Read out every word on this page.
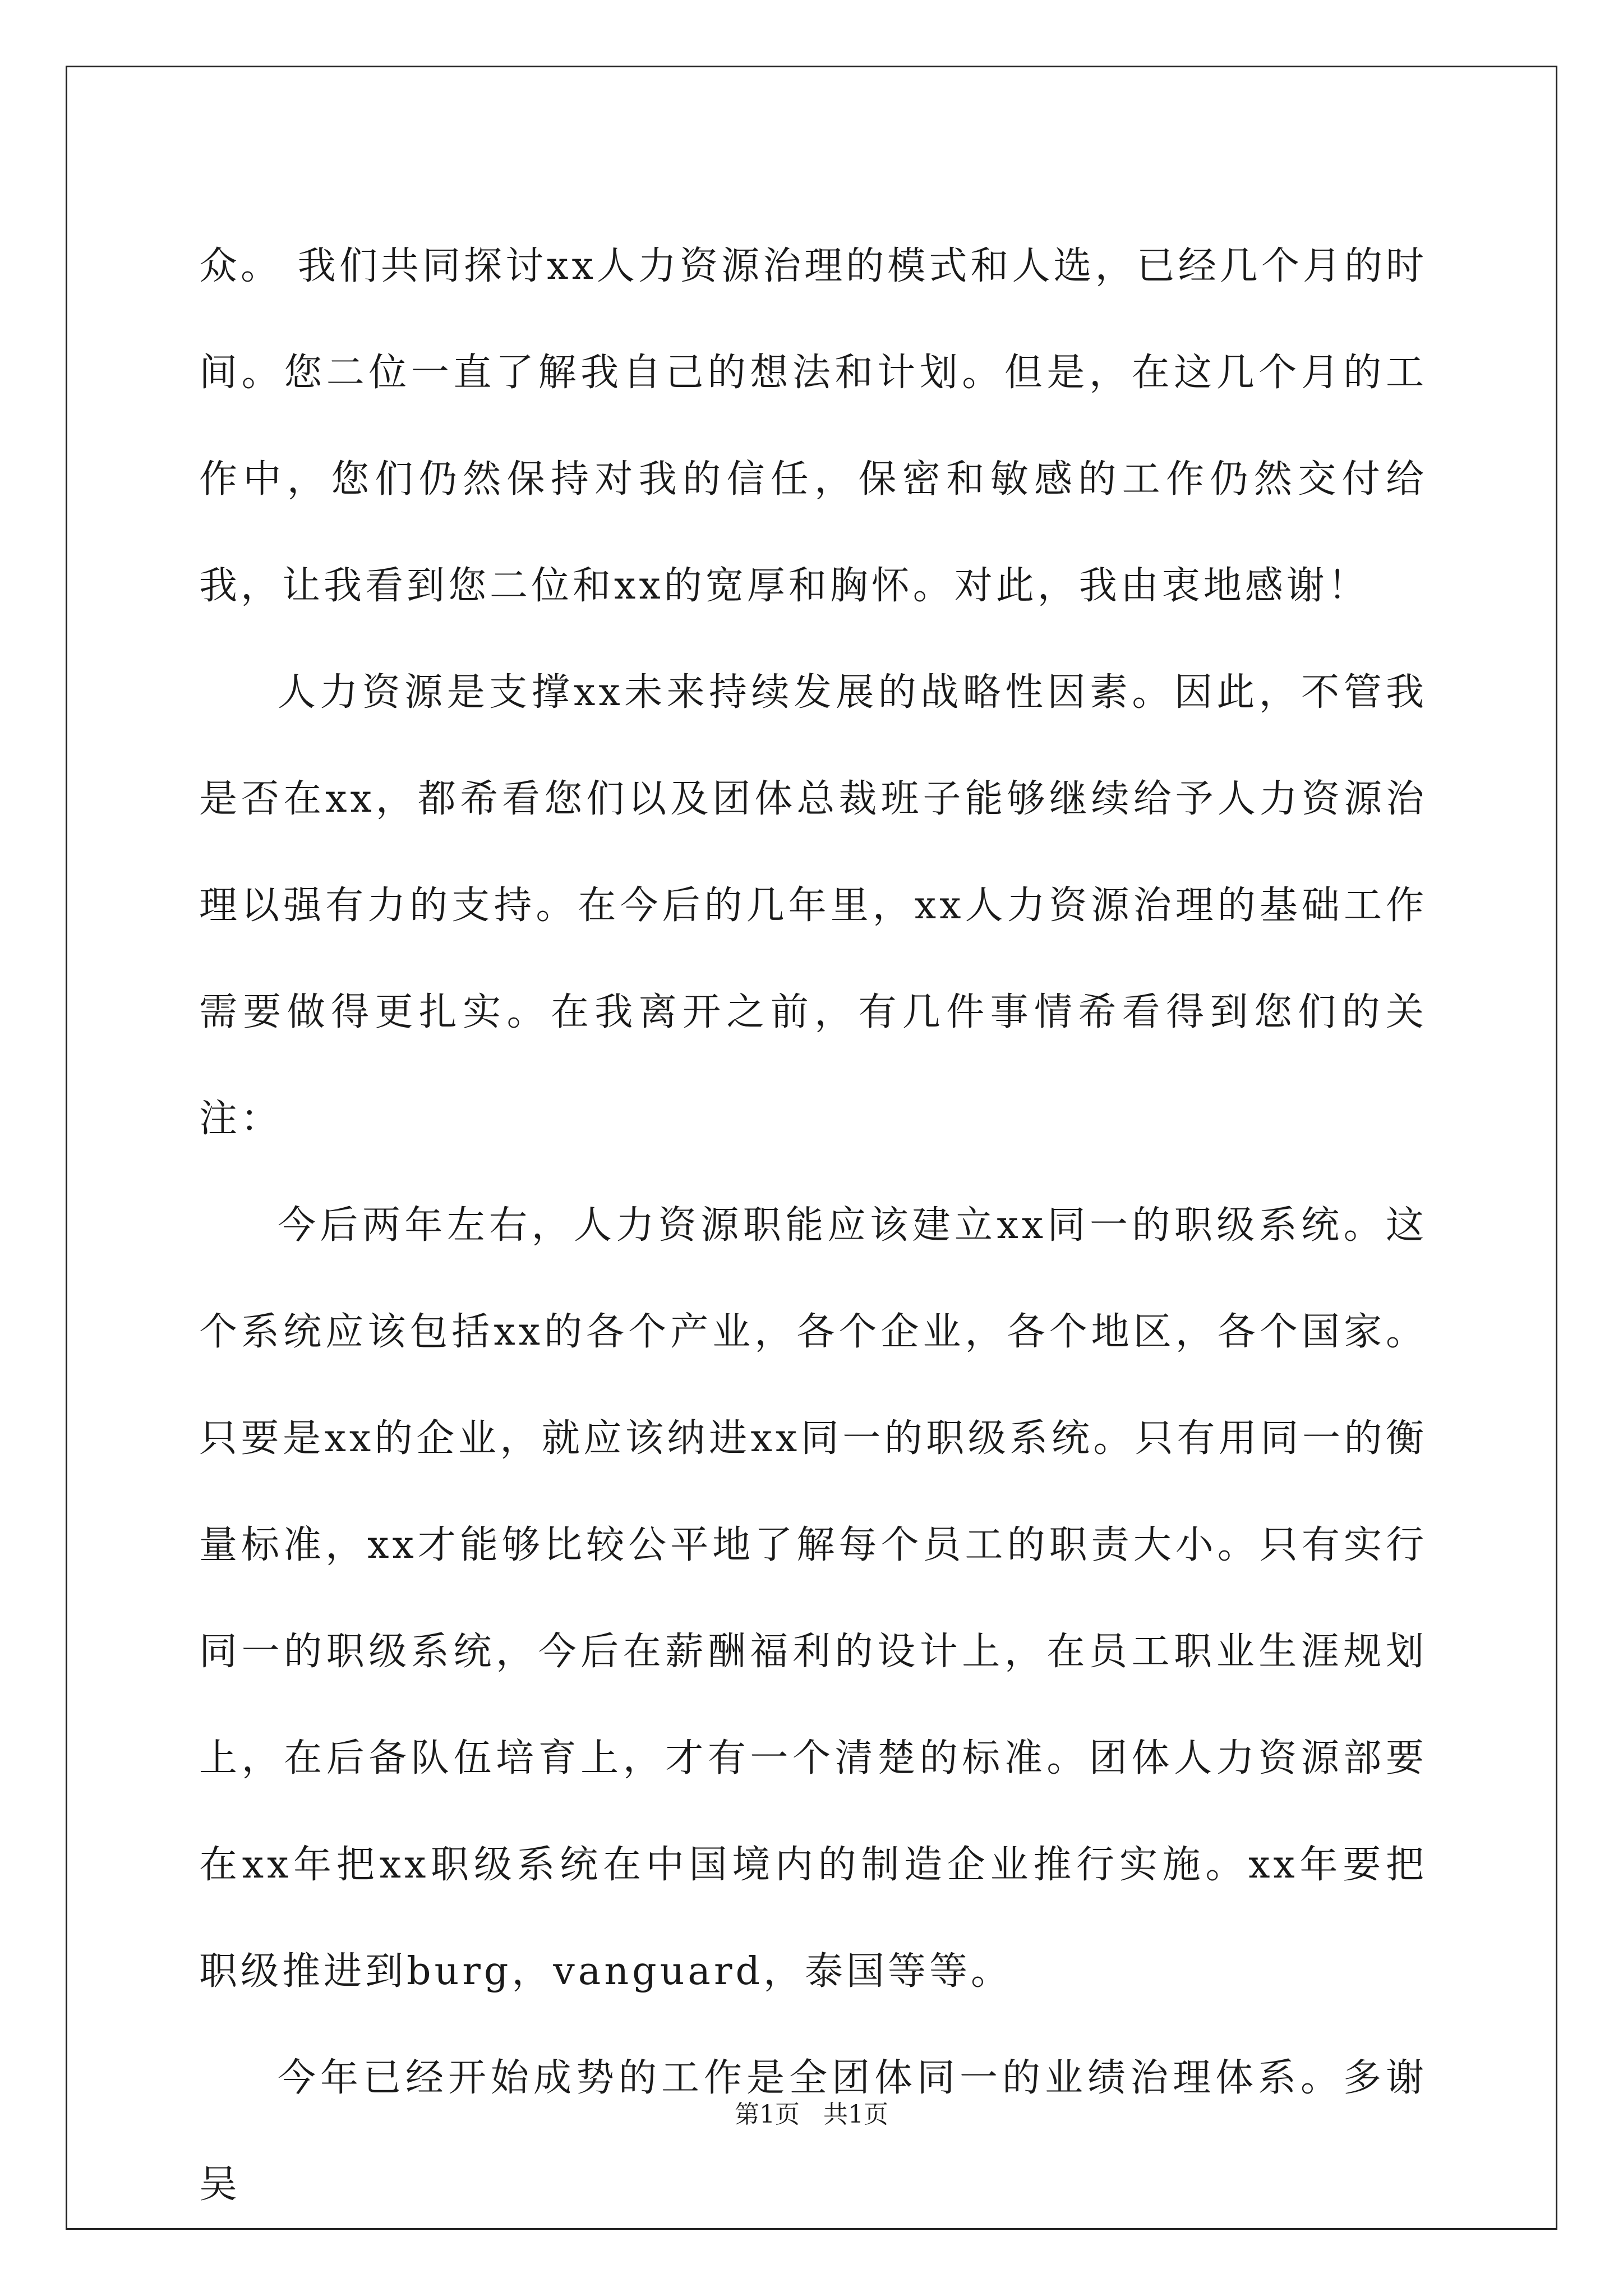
众。 我们共同探讨xx人力资源治理的模式和人选，已经几个月的时间。您二位一直了解我自己的想法和计划。但是，在这几个月的工作中，您们仍然保持对我的信任，保密和敏感的工作仍然交付给我，让我看到您二位和xx的宽厚和胸怀。对此，我由衷地感谢！

人力资源是支撑xx未来持续发展的战略性因素。因此，不管我是否在xx，都希看您们以及团体总裁班子能够继续给予人力资源治理以强有力的支持。在今后的几年里，xx人力资源治理的基础工作需要做得更扎实。在我离开之前，有几件事情希看得到您们的关注：

今后两年左右，人力资源职能应该建立xx同一的职级系统。这个系统应该包括xx的各个产业，各个企业，各个地区，各个国家。只要是xx的企业，就应该纳进xx同一的职级系统。只有用同一的衡量标准，xx才能够比较公平地了解每个员工的职责大小。只有实行同一的职级系统，今后在薪酬福利的设计上，在员工职业生涯规划上，在后备队伍培育上，才有一个清楚的标准。团体人力资源部要在xx年把xx职级系统在中国境内的制造企业推行实施。xx年要把职级推进到burg，vanguard，泰国等等。

今年已经开始成势的工作是全团体同一的业绩治理体系。多谢吴

第1页 共1页
